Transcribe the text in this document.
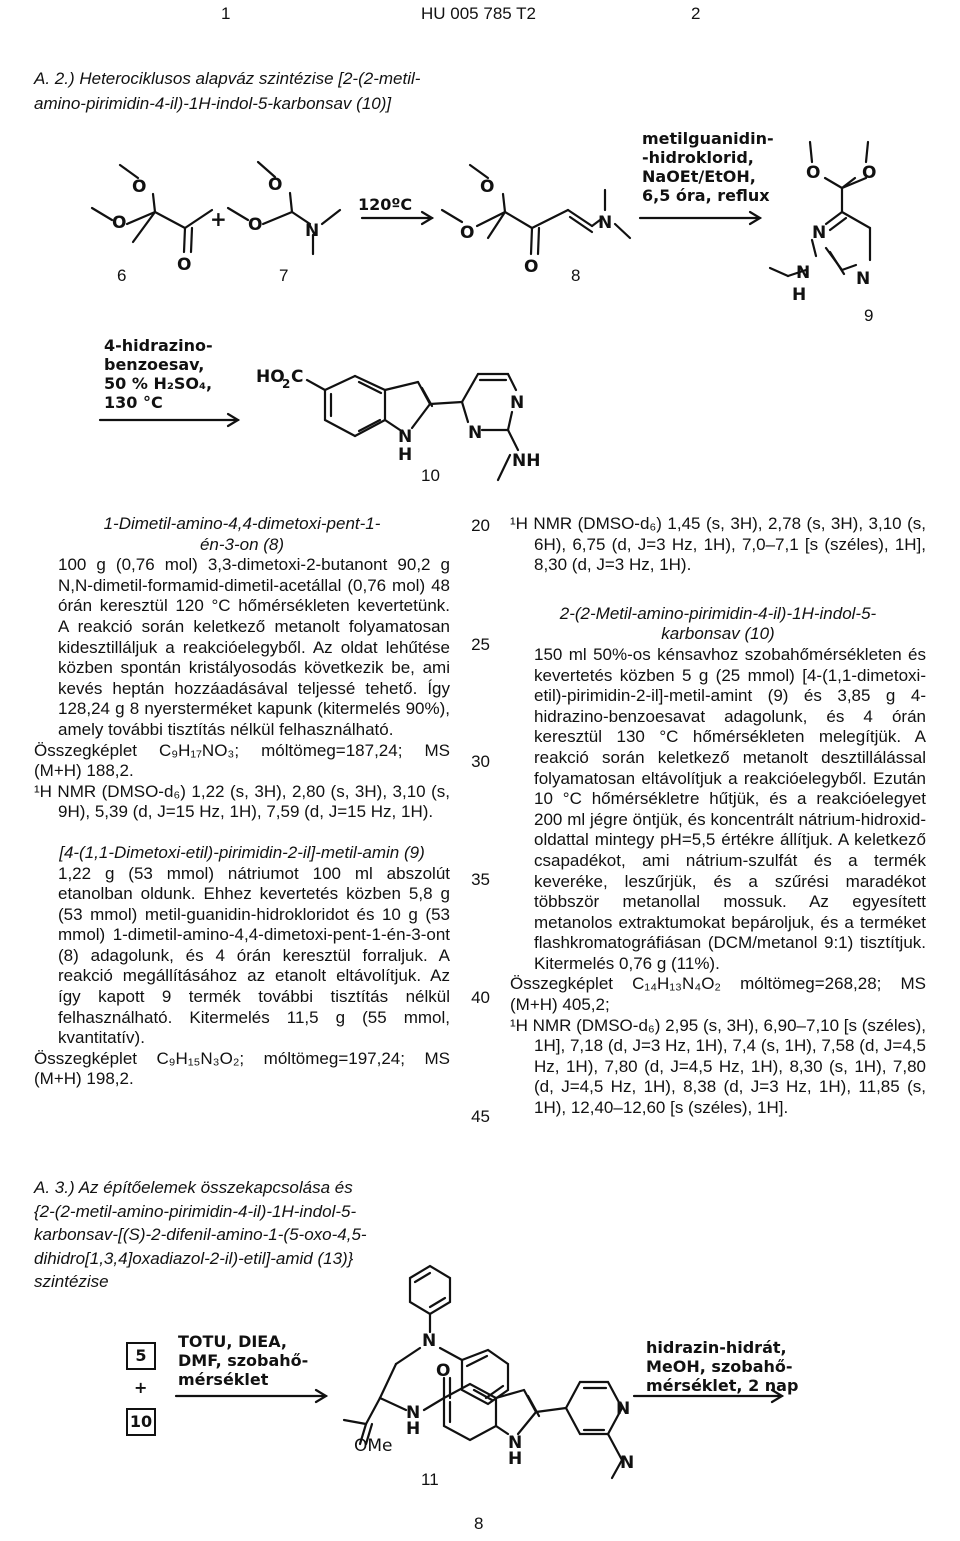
1	HU 005 785 T2	2
A. 2.) Heterociklusos alapváz szintézise [2-(2-metil-
amino-pirimidin-4-il)-1H-indol-5-karbonsav (10)]
O
O
O
O
O	N
+
O
O
O
N
O O
N
N
N
H
HO
2 C
N
H
N
N
NH
120ºC
metilguanidin-
-hidroklorid,
NaOEt/EtOH,
6,5 óra, reflux
4-hidrazino-benzoesav,
50 % H₂SO₄,
130 °C
6	7	8
9
10

1-Dimetil-amino-4,4-dimetoxi-pent-1-

én-3-on (8)

100 g (0,76 mol) 3,3-dimetoxi-2-butanont 90,2 g N,N-dimetil-formamid-dimetil-acetállal (0,76 mol) 48 órán keresztül 120 °C hőmérsékleten kevertetünk. A reakció során keletkező metanolt folyamatosan kidesztilláljuk a reakcióelegyből. Az oldat lehűtése közben spontán kristályosodás következik be, ami kevés heptán hozzáadásával teljessé tehető. Így 128,24 g 8 nyersterméket kapunk (kitermelés 90%), amely további tisztítás nélkül felhasználható.

Összegképlet C₉H₁₇NO₃; móltömeg=187,24; MS (M+H) 188,2.

¹H NMR (DMSO-d₆) 1,22 (s, 3H), 2,80 (s, 3H), 3,10 (s, 9H), 5,39 (d, J=15 Hz, 1H), 7,59 (d, J=15 Hz, 1H).

[4-(1,1-Dimetoxi-etil)-pirimidin-2-il]-metil-amin (9)

1,22 g (53 mmol) nátriumot 100 ml abszolút etanolban oldunk. Ehhez kevertetés közben 5,8 g (53 mmol) metil-guanidin-hidrokloridot és 10 g (53 mmol) 1-dimetil-amino-4,4-dimetoxi-pent-1-én-3-ont (8) adagolunk, és 4 órán keresztül forraljuk. A reakció megállításához az etanolt eltávolítjuk. Az így kapott 9 termék további tisztítás nélkül felhasználható. Kitermelés 11,5 g (55 mmol, kvantitatív).

Összegképlet C₉H₁₅N₃O₂; móltömeg=197,24; MS (M+H) 198,2.

20
25
30
35
40
45

¹H NMR (DMSO-d₆) 1,45 (s, 3H), 2,78 (s, 3H), 3,10 (s, 6H), 6,75 (d, J=3 Hz, 1H), 7,0–7,1 [s (széles), 1H], 8,30 (d, J=3 Hz, 1H).

2-(2-Metil-amino-pirimidin-4-il)-1H-indol-5-

karbonsav (10)

150 ml 50%-os kénsavhoz szobahőmérsékleten és kevertetés közben 5 g (25 mmol) [4-(1,1-dimetoxi-etil)-pirimidin-2-il]-metil-amint (9) és 3,85 g 4-hidrazino-benzoesavat adagolunk, és 4 órán keresztül 130 °C hőmérsékleten melegítjük. A reakció során keletkező metanolt desztillálással folyamatosan eltávolítjuk a reakcióelegyből. Ezután 10 °C hőmérsékletre hűtjük, és a reakcióelegyet 200 ml jégre öntjük, és koncentrált nátrium-hidroxid-oldattal mintegy pH=5,5 értékre állítjuk. A keletkező csapadékot, ami nátrium-szulfát és a termék keveréke, leszűrjük, és a szűrési maradékot többször metanollal mossuk. Az egyesített metanolos extraktumokat bepároljuk, és a terméket flashkromatográfiásan (DCM/metanol 9:1) tisztítjuk. Kitermelés 0,76 g (11%).

Összegképlet C₁₄H₁₃N₄O₂ móltömeg=268,28; MS (M+H) 405,2;

¹H NMR (DMSO-d₆) 2,95 (s, 3H), 6,90–7,10 [s (széles), 1H], 7,18 (d, J=3 Hz, 1H), 7,4 (s, 1H), 7,58 (d, J=4,5 Hz, 1H), 7,80 (d, J=4,5 Hz, 1H), 8,30 (s, 1H), 7,80 (d, J=4,5 Hz, 1H), 8,38 (d, J=3 Hz, 1H), 11,85 (s, 1H), 12,40–12,60 [s (széles), 1H].

A. 3.) Az építőelemek összekapcsolása és
{2-(2-metil-amino-pirimidin-4-il)-1H-indol-5-
karbonsav-[(S)-2-difenil-amino-1-(5-oxo-4,5-
dihidro[1,3,4]oxadiazol-2-il)-etil]-amid (13)}
szintézise
5
+
10
TOTU, DIEA,
DMF, szobahő-
mérséklet
hidrazin-hidrát,
MeOH, szobahő-
mérséklet, 2 nap
N
N
H
O
N
H
N
N
OMe
11
8
